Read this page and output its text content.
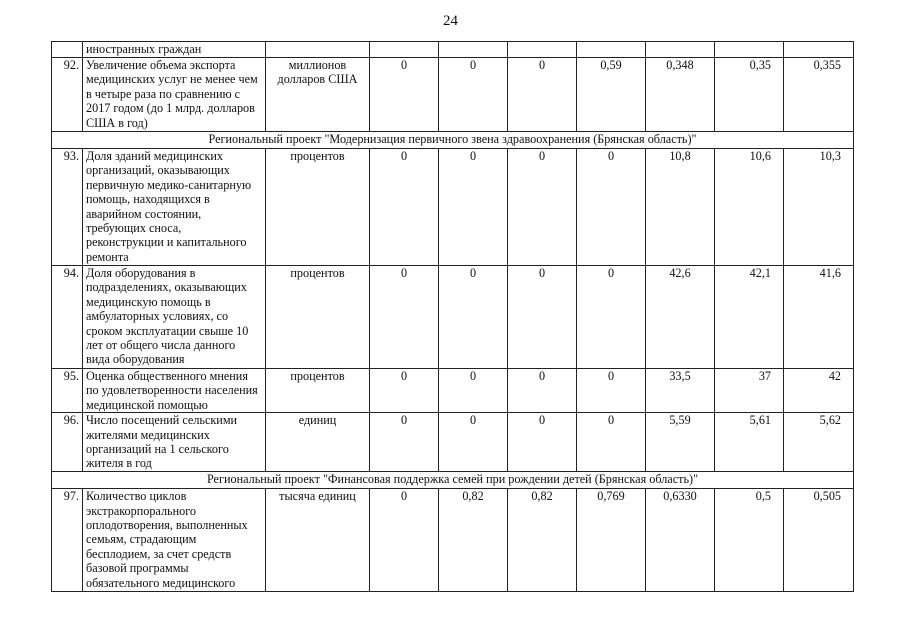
24
	иностранных граждан								
92.	Увеличение объема экспорта медицинских услуг не менее чем в четыре раза по сравнению с 2017 годом (до 1 млрд. долларов США в год)	миллионов долларов США	0	0	0	0,59	0,348	0,35	0,355
Региональный проект "Модернизация первичного звена здравоохранения (Брянская область)"									
93.	Доля зданий медицинских организаций, оказывающих первичную медико-санитарную помощь, находящихся в аварийном состоянии, требующих сноса, реконструкции и капитального ремонта	процентов	0	0	0	0	10,8	10,6	10,3
94.	Доля оборудования в подразделениях, оказывающих медицинскую помощь в амбулаторных условиях, со сроком эксплуатации свыше 10 лет от общего числа данного вида оборудования	процентов	0	0	0	0	42,6	42,1	41,6
95.	Оценка общественного мнения по удовлетворенности населения медицинской помощью	процентов	0	0	0	0	33,5	37	42
96.	Число посещений сельскими жителями медицинских организаций на 1 сельского жителя в год	единиц	0	0	0	0	5,59	5,61	5,62
Региональный проект "Финансовая поддержка семей при рождении детей (Брянская область)"									
97.	Количество циклов экстракорпорального оплодотворения, выполненных семьям, страдающим бесплодием, за счет средств базовой программы обязательного медицинского	тысяча единиц	0	0,82	0,82	0,769	0,6330	0,5	0,505
